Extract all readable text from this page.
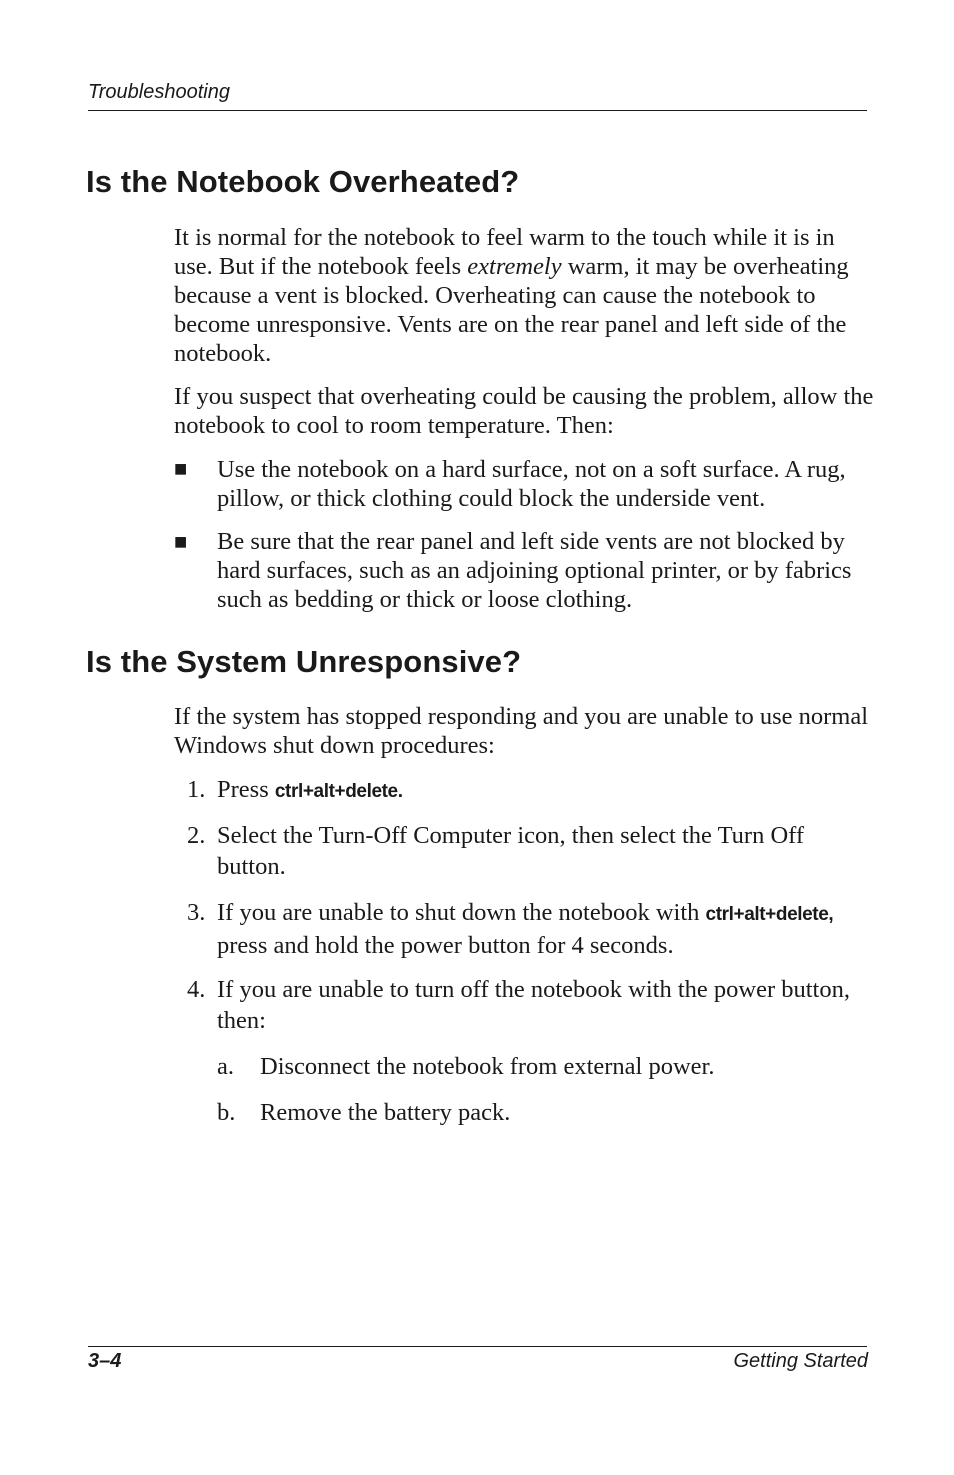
Troubleshooting
Is the Notebook Overheated?

It is normal for the notebook to feel warm to the touch while it is in use. But if the notebook feels extremely warm, it may be overheating because a vent is blocked. Overheating can cause the notebook to become unresponsive. Vents are on the rear panel and left side of the notebook.

If you suspect that overheating could be causing the problem, allow the notebook to cool to room temperature. Then:

■ Use the notebook on a hard surface, not on a soft surface. A rug, pillow, or thick clothing could block the underside vent.

■ Be sure that the rear panel and left side vents are not blocked by hard surfaces, such as an adjoining optional printer, or by fabrics such as bedding or thick or loose clothing.

Is the System Unresponsive?

If the system has stopped responding and you are unable to use normal Windows shut down procedures:

1. Press ctrl+alt+delete.

2. Select the Turn-Off Computer icon, then select the Turn Off button.

3. If you are unable to shut down the notebook with ctrl+alt+delete, press and hold the power button for 4 seconds.

4. If you are unable to turn off the notebook with the power button, then:

a. Disconnect the notebook from external power.
b. Remove the battery pack.
3–4	Getting Started
